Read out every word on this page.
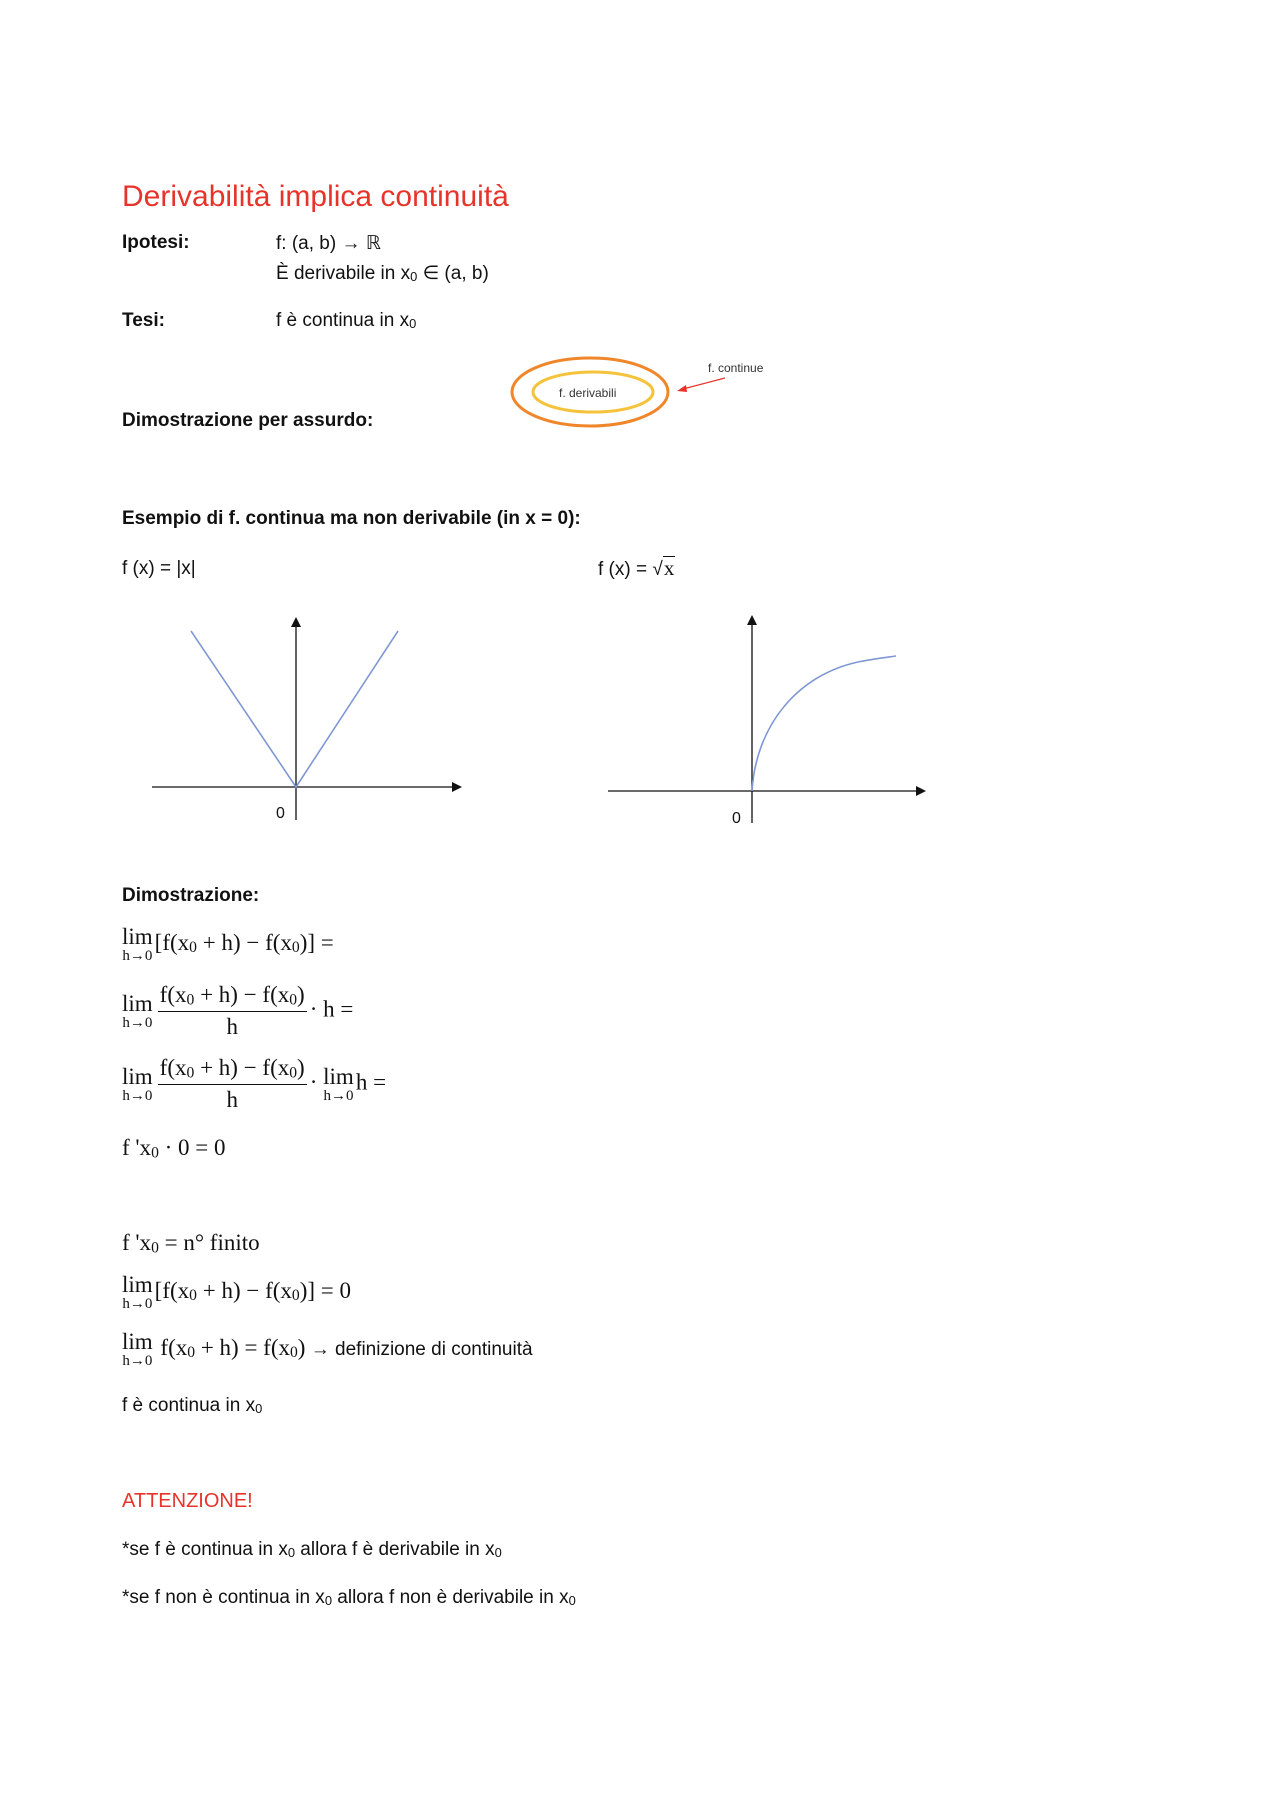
Derivabilità implica continuità
Ipotesi:	f: (a, b) → ℝ
È derivabile in $x_0$ ∈ (a, b)
Tesi:	f è continua in $x_0$
f. derivabili
f. continue
Dimostrazione per assurdo:
Esempio di f. continua ma non derivabile (in x = 0):
f (x) = |x|	f (x) = √x
0	0
Dimostrazione:
lim
h→0
$[f(x_0 + h) - f(x_0)]$ =
lim
$h\to 0 \frac{f(x_0 + h) - f(x_0)}{h} \cdot h$ =
lim
$h\to 0 \frac{f(x_0 + h) - f(x_0)}{h} \cdot \lim$
h→0
h =
f '$x_0 \cdot 0 = 0$
f '$x_0 = n^\circ$ finito
lim
h→0
$[f(x_0 + h) - f(x_0)] = 0$
lim
h→0
$f(x_0 + h) = f(x_0)$ → definizione di continuità
f è continua in $x_0$
ATTENZIONE!
*se f è continua in $x_0$ allora f è derivabile in $x_0$
*se f non è continua in $x_0$ allora f non è derivabile in $x_0$
